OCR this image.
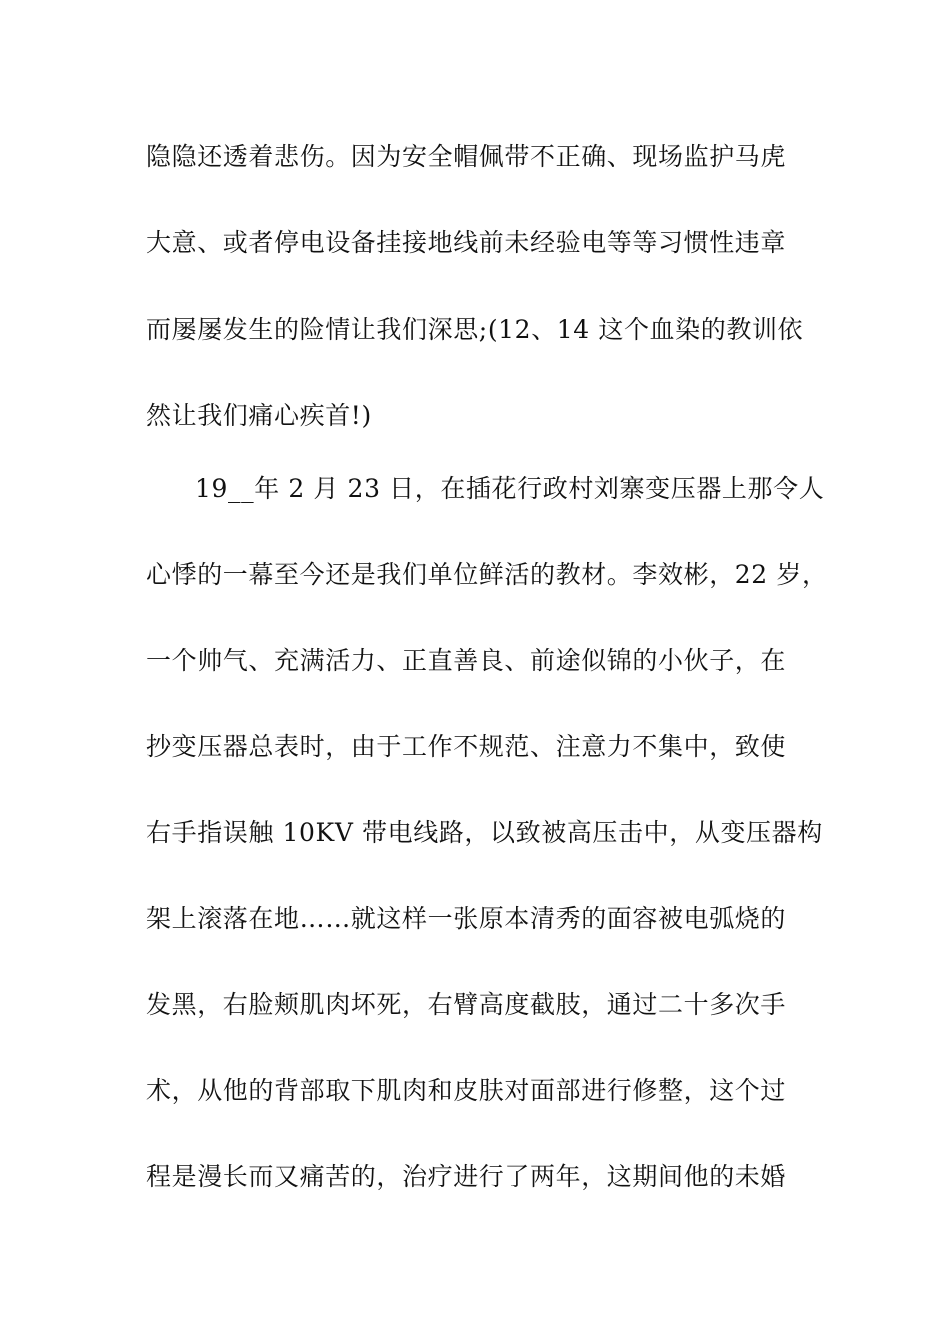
隐隐还透着悲伤。因为安全帽佩带不正确、现场监护马虎
大意、或者停电设备挂接地线前未经验电等等习惯性违章
而屡屡发生的险情让我们深思;(12、14 这个血染的教训依
然让我们痛心疾首!)
19__年 2 月 23 日，在插花行政村刘寨变压器上那令人
心悸的一幕至今还是我们单位鲜活的教材。李效彬，22 岁，
一个帅气、充满活力、正直善良、前途似锦的小伙子，在
抄变压器总表时，由于工作不规范、注意力不集中，致使
右手指误触 10KV 带电线路，以致被高压击中，从变压器构
架上滚落在地……就这样一张原本清秀的面容被电弧烧的
发黑，右脸颊肌肉坏死，右臂高度截肢，通过二十多次手
术，从他的背部取下肌肉和皮肤对面部进行修整，这个过
程是漫长而又痛苦的，治疗进行了两年，这期间他的未婚
